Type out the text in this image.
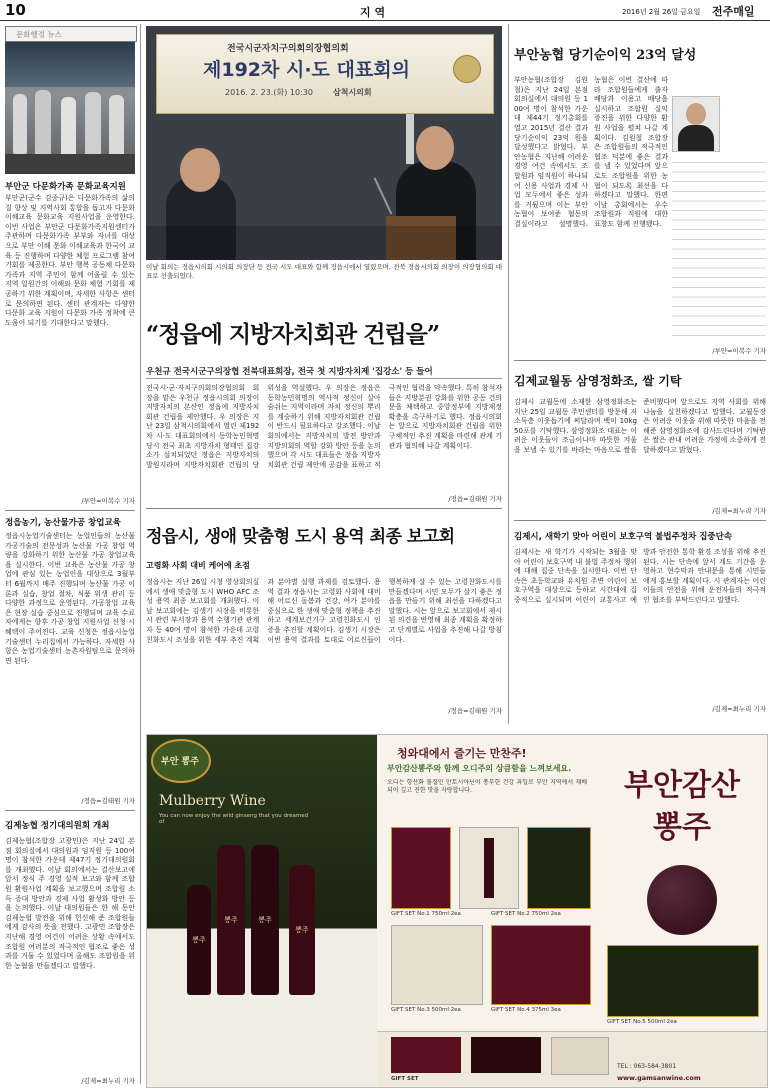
10	지 역	2016년 2월 26일 금요일 전주매일
문화행정 뉴스
부안군 다문화가족 문화교육지원
부안군(군수 김종규)은 다문화가족의 삶의 질 향상 및 지역사회 통합을 돕고자 다문화이해교육 문화교육 지원사업을 운영한다. 이번 사업은 부안군 다문화가족지원센터가 주관하며 다문화가족 부부와 자녀를 대상으로 부안 이해 문화 이해교육과 한국어 교육 등 진행하며 다양한 체험 프로그램 참여 기회를 제공한다. 부안 행복 공동체 다문화가족과 지역 주민이 함께 어울릴 수 있는 지역 일원간의 이해와 문화 체험 기회를 제공하기 위한 계획이며, 자세한 사항은 센터로 문의하면 된다. 센터 관계자는 다양한 다문화 교육 지원이 다문화 가족 정착에 큰 도움이 되기를 기대한다고 말했다.
/부안=이복수 기자
정읍농기, 농산물가공 창업교육
정읍시농업기술센터는 농업인들의 농산물 가공기술의 전문성과 농산물 가공 창업 역량을 강화하기 위한 농산물 가공 창업교육을 실시한다. 이번 교육은 농산물 가공 창업에 관심 있는 농업인을 대상으로 3월부터 6월까지 매주 진행되며 농산물 가공 이론과 실습, 창업 절차, 식품 위생 관리 등 다양한 과정으로 운영된다. 가공창업 교육은 현장 실습 중심으로 진행되며 교육 수료자에게는 향후 가공 창업 지원사업 신청 시 혜택이 주어진다. 교육 신청은 정읍시농업기술센터 누리집에서 가능하다. 자세한 사항은 농업기술센터 농촌자원팀으로 문의하면 된다.
/정읍=김태원 기자
김제농협 정기대의원회 개최
김제농협(조합장 고광민)은 지난 24일 본점 회의실에서 대의원과 임직원 등 100여 명이 참석한 가운데 제47기 정기대의원회를 개최했다. 이날 회의에서는 결산보고에 앞서 정식 주 경영 실적 보고와 함께 조합원 환원사업 계획을 보고했으며 조합원 소득 증대 방안과 경제 사업 활성화 방안 등을 논의했다. 이날 대의원들은 한 해 동안 김제농협 발전을 위해 헌신해 준 조합원들에게 감사의 뜻을 전했다. 고광민 조합장은 지난해 경영 여건이 어려운 상황 속에서도 조합원 여러분의 적극적인 협조로 좋은 성과를 거둘 수 있었다며 올해도 조합원을 위한 농협을 만들겠다고 말했다.
/김제=최누리 기자
전국시군자치구의회의장협의회
제192차 시·도 대표회의
2016. 2. 23.(화) 10:30	삼척시의회
이날 회의는 정읍시의회 시의회 의장단 등 전국 시도 대표와 함께 정읍시에서 열렸으며, 전북 정읍시의회 의장이 의장협의회 대표로 선출되었다.
“정읍에 지방자치회관 건립을”
우천규 전국시군구의장협 전북대표회장, 전국 첫 지방자치제 '집강소' 등 들어
전국시·군·자치구의회의장협의회 회장을 맡은 우천규 정읍시의회 의장이 지방자치의 본산인 정읍에 지방자치회관 건립을 제안했다. 우 의장은 지난 23일 삼척시의회에서 열린 제192차 시·도 대표회의에서 동학농민혁명 당시 전국 최초 지방자치 형태인 집강소가 설치되었던 정읍은 지방자치의 발원지라며 지방자치회관 건립의 당위성을 역설했다. 우 의장은 정읍은 동학농민혁명의 역사적 정신이 살아 숨쉬는 지역이라며 자치 정신의 뿌리를 계승하기 위해 지방자치회관 건립이 반드시 필요하다고 강조했다. 이날 회의에서는 지방자치의 발전 방안과 지방의회의 역할 강화 방안 등을 논의했으며 각 시도 대표들은 정읍 지방자치회관 건립 제안에 공감을 표하고 적극적인 협력을 약속했다. 특히 참석자들은 지방분권 강화를 위한 공동 건의문을 채택하고 중앙정부에 지방재정 확충을 촉구하기로 했다. 정읍시의회는 앞으로 지방자치회관 건립을 위한 구체적인 추진 계획을 마련해 관계 기관과 협의해 나갈 계획이다.
/정읍=김태원 기자
정읍시, 생애 맞춤형 도시 용역 최종 보고회
고령화 사회 대비 케어에 초점
정읍시는 지난 26일 시청 영상회의실에서 생애 맞춤형 도시 WHO AFC 조성 용역 최종 보고회를 개최했다. 이날 보고회에는 김생기 시장을 비롯한 시 관련 부서장과 용역 수행기관 관계자 등 40여 명이 참석한 가운데 고령친화도시 조성을 위한 세부 추진 계획과 분야별 실행 과제를 검토했다. 용역 결과 정읍시는 고령화 사회에 대비해 어르신 돌봄과 건강, 여가 분야를 중심으로 한 생애 맞춤형 정책을 추진하고 세계보건기구 고령친화도시 인증을 추진할 계획이다. 김생기 시장은 이번 용역 결과를 토대로 어르신들이 행복하게 살 수 있는 고령친화도시를 만들겠다며 시민 모두가 살기 좋은 정읍을 만들기 위해 최선을 다하겠다고 말했다. 시는 앞으로 보고회에서 제시된 의견을 반영해 최종 계획을 확정하고 단계별로 사업을 추진해 나갈 방침이다.
/정읍=김태원 기자
부안농협 당기순이익 23억 달성
부안농협(조합장 김원철)은 지난 24일 본점 회의실에서 대의원 등 100여 명이 참석한 가운데 제44기 정기총회를 열고 2015년 결산 결과 당기순이익 23억 원을 달성했다고 밝혔다. 부안농협은 지난해 어려운 경영 여건 속에서도 조합원과 임직원이 하나되어 신용 사업과 경제 사업 모두에서 좋은 성과를 거뒀으며 이는 부안 농협이 보여준 협동의 결실이라고 설명했다. 농협은 이번 결산에 따라 조합원들에게 출자 배당과 이용고 배당을 실시하고 조합원 실익 증진을 위한 다양한 환원 사업을 펼쳐 나갈 계획이다. 김원철 조합장은 조합원들의 적극적인 협조 덕분에 좋은 결과를 낼 수 있었다며 앞으로도 조합원을 위한 농협이 되도록 최선을 다하겠다고 말했다. 한편 이날 총회에서는 우수 조합원과 직원에 대한 표창도 함께 진행됐다.
/부안=이복수 기자
김제교월동 삼영정화조, 쌀 기탁
김제시 교월동에 소재한 삼영정화조는 지난 25일 교월동 주민센터를 방문해 저소득층 이웃돕기에 써달라며 백미 10kg 50포를 기탁했다. 삼영정화조 대표는 어려운 이웃들이 조금이나마 따뜻한 겨울을 보낼 수 있기를 바라는 마음으로 쌀을 준비했다며 앞으로도 지역 사회를 위해 나눔을 실천하겠다고 말했다. 교월동장은 어려운 이웃을 위해 따뜻한 마음을 전해준 삼영정화조에 감사드린다며 기탁받은 쌀은 관내 어려운 가정에 소중하게 전달하겠다고 밝혔다.
/김제=최누리 기자
김제시, 새학기 맞아 어린이 보호구역 불법주정차 집중단속
김제시는 새 학기가 시작되는 3월을 맞아 어린이 보호구역 내 불법 주정차 행위에 대해 집중 단속을 실시한다. 이번 단속은 초등학교와 유치원 주변 어린이 보호구역을 대상으로 등하교 시간대에 집중적으로 실시되며 어린이 교통사고 예방과 안전한 통학 환경 조성을 위해 추진된다. 시는 단속에 앞서 계도 기간을 운영하고 현수막과 안내문을 통해 시민들에게 홍보할 계획이다. 시 관계자는 어린이들의 안전을 위해 운전자들의 적극적인 협조를 부탁드린다고 말했다.
/김제=최누리 기자
부안 뽕주
Mulberry Wine
You can now enjoy the wild ginseng that you dreamed of
뽕주	뽕주
뽕주
뽕주
청와대에서 즐기는 만찬주!
부안감산뽕주와 함께 오디주의 상큼함을 느껴보세요.
오디는 항산화 물질인 안토시아닌이 풍부한 건강 과일로 부안 지역에서 재배되어 깊고 진한 맛을 자랑합니다.
GIFT SET No.1 750ml 2ea	GIFT SET No.2 750ml 2ea
GIFT SET No.3 500ml 2ea	GIFT SET No.4 375ml 3ea
부안감산 뽕주
GIFT SET No.5 500ml 2ea
GIFT SET
TEL : 063-584-3801
www.gamsanwine.com
